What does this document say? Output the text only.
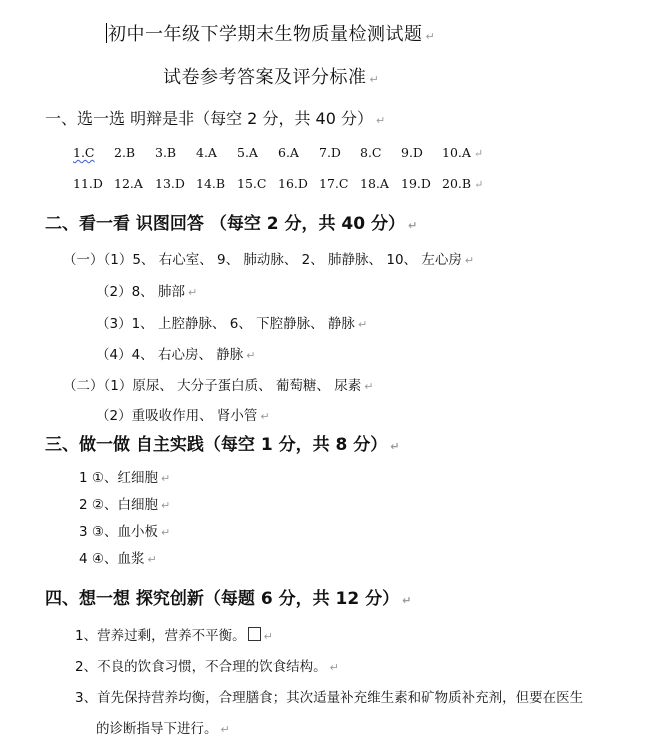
初中一年级下学期末生物质量检测试题 ↵
试卷参考答案及评分标准 ↵
一、选一选 明辩是非（每空 2 分，共 40 分） ↵
1.C 2.B 3.B 4.A 5.A 6.A 7.D 8.C 9.D 10.A ↵
11.D 12.A 13.D 14.B 15.C 16.D 17.C 18.A 19.D 20.B ↵
二、看一看 识图回答 （每空 2 分，共 40 分） ↵
（一）（1）5、 右心室、 9、 肺动脉、 2、 肺静脉、 10、 左心房 ↵
（2）8、 肺部 ↵
（3）1、 上腔静脉、 6、 下腔静脉、 静脉 ↵
（4）4、 右心房、 静脉 ↵
（二）（1）原尿、 大分子蛋白质、 葡萄糖、 尿素 ↵
（2）重吸收作用、 肾小管 ↵
三、做一做 自主实践（每空 1 分，共 8 分） ↵
1 ①、红细胞 ↵
2 ②、白细胞 ↵
3 ③、血小板 ↵
4 ④、血浆 ↵
四、想一想 探究创新（每题 6 分，共 12 分） ↵
1、营养过剩，营养不平衡。 ↵
2、不良的饮食习惯，不合理的饮食结构。 ↵
3、首先保持营养均衡，合理膳食；其次适量补充维生素和矿物质补充剂，但要在医生
的诊断指导下进行。 ↵
